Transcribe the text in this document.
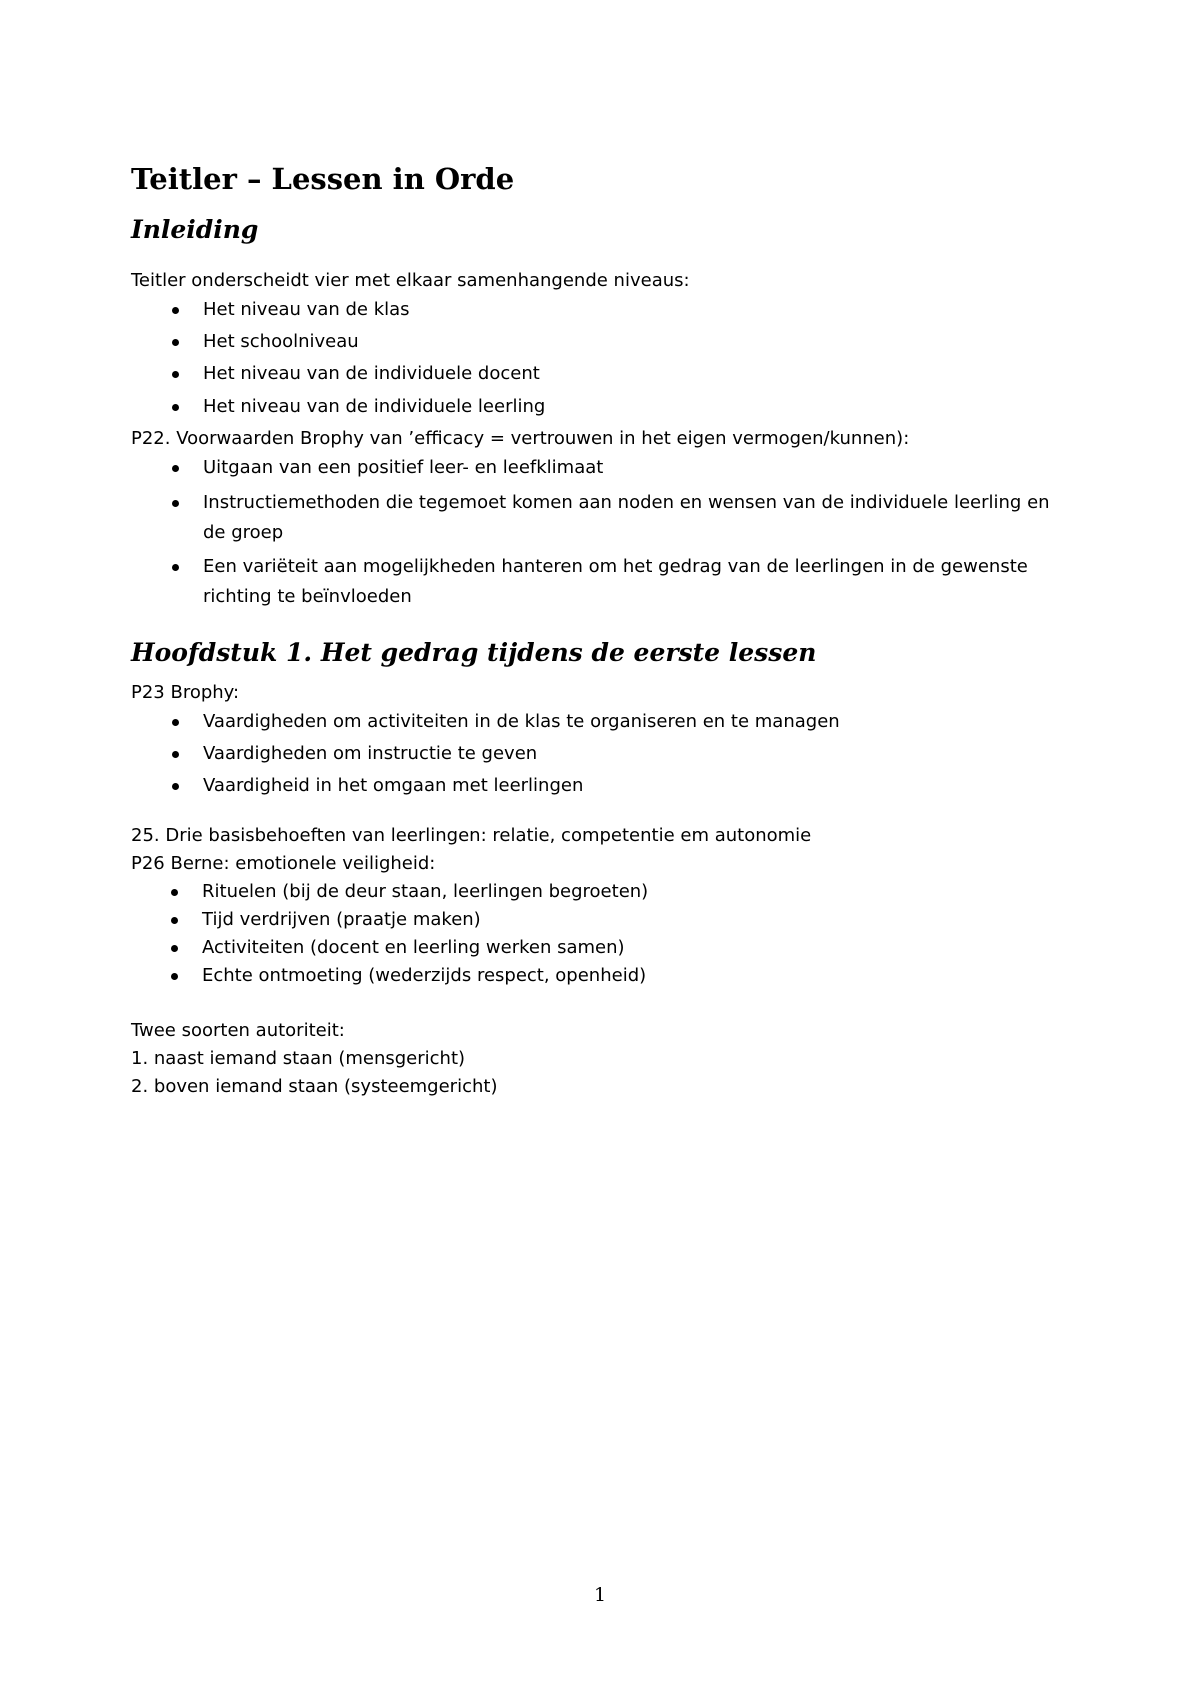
Teitler – Lessen in Orde
Inleiding

Teitler onderscheidt vier met elkaar samenhangende niveaus:

Het niveau van de klas
Het schoolniveau
Het niveau van de individuele docent
Het niveau van de individuele leerling

P22. Voorwaarden Brophy van ’efficacy = vertrouwen in het eigen vermogen/kunnen):

Uitgaan van een positief leer- en leefklimaat
Instructiemethoden die tegemoet komen aan noden en wensen van de individuele leerling en de groep
Een variëteit aan mogelijkheden hanteren om het gedrag van de leerlingen in de gewenste richting te beïnvloeden
Hoofdstuk 1. Het gedrag tijdens de eerste lessen

P23 Brophy:

Vaardigheden om activiteiten in de klas te organiseren en te managen
Vaardigheden om instructie te geven
Vaardigheid in het omgaan met leerlingen

25. Drie basisbehoeften van leerlingen: relatie, competentie em autonomie

P26 Berne: emotionele veiligheid:

Rituelen (bij de deur staan, leerlingen begroeten)
Tijd verdrijven (praatje maken)
Activiteiten (docent en leerling werken samen)
Echte ontmoeting (wederzijds respect, openheid)

Twee soorten autoriteit:

1. naast iemand staan (mensgericht)

2. boven iemand staan (systeemgericht)

1
